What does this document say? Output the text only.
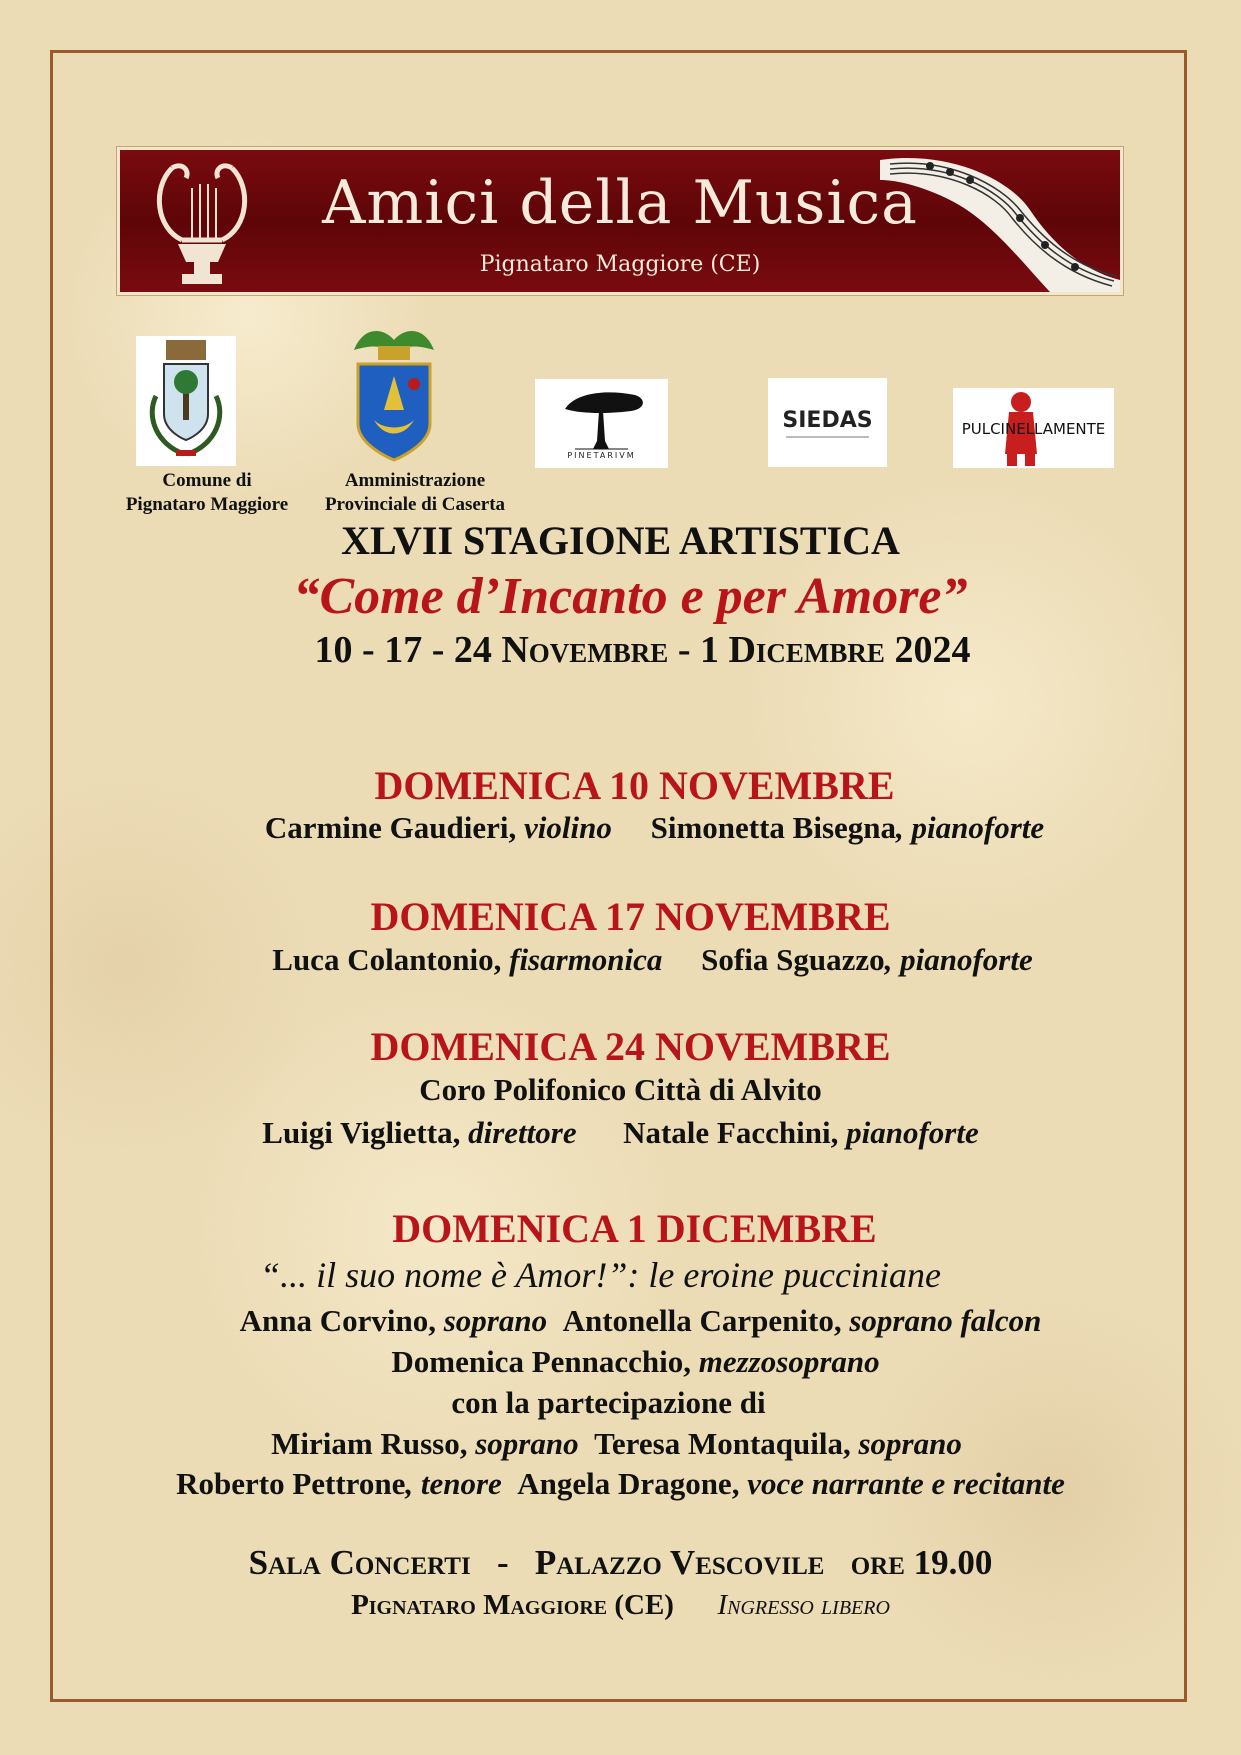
Amici della Musica
Pignataro Maggiore (CE)
Comune di
Pignataro Maggiore
Amministrazione
Provinciale di Caserta
PINETARIVM
SIEDAS	PULCINELLAMENTE
XLVII STAGIONE ARTISTICA
“Come d’Incanto e per Amore”
10 - 17 - 24 Novembre - 1 Dicembre 2024
DOMENICA 10 NOVEMBRE
Carmine Gaudieri, violino Simonetta Bisegna, pianoforte
DOMENICA 17 NOVEMBRE
Luca Colantonio, fisarmonica Sofia Sguazzo, pianoforte
DOMENICA 24 NOVEMBRE
Coro Polifonico Città di Alvito
Luigi Viglietta, direttore Natale Facchini, pianoforte
DOMENICA 1 DICEMBRE
“... il suo nome è Amor!”: le eroine pucciniane
Anna Corvino, soprano Antonella Carpenito, soprano falcon
Domenica Pennacchio, mezzosoprano
con la partecipazione di
Miriam Russo, soprano Teresa Montaquila, soprano
Roberto Pettrone, tenore Angela Dragone, voce narrante e recitante
Sala Concerti - Palazzo Vescovile ore 19.00
Pignataro Maggiore (CE) Ingresso libero
